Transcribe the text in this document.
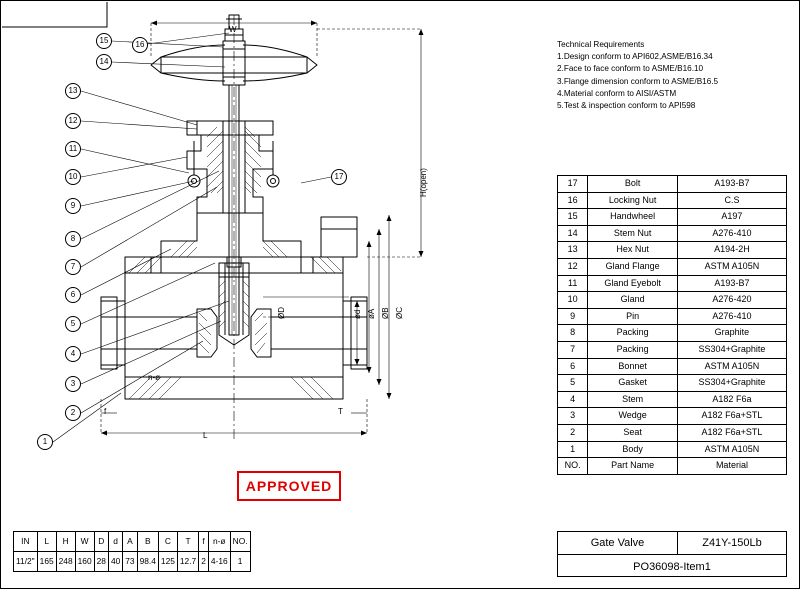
W
H(open)
ØD	ød øA ØB ØC
n-ø
f	T
L
15	16
14
13
12
11
10
9
8
7
6
5
4
3
2
1
17
Technical Requirements
1.Design conform to API602,ASME/B16.34
2.Face to face conform to ASME/B16.10
3.Flange dimension conform to ASME/B16.5
4.Material conform to AISI/ASTM
5.Test & inspection conform to API598
17	Bolt	A193-B7
16	Locking Nut	C.S
15	Handwheel	A197
14	Stem Nut	A276-410
13	Hex Nut	A194-2H
12	Gland Flange	ASTM A105N
11	Gland Eyebolt	A193-B7
10	Gland	A276-420
9	Pin	A276-410
8	Packing	Graphite
7	Packing	SS304+Graphite
6	Bonnet	ASTM A105N
5	Gasket	SS304+Graphite
4	Stem	A182 F6a
3	Wedge	A182 F6a+STL
2	Seat	A182 F6a+STL
1	Body	ASTM A105N
NO.	Part Name	Material
APPROVED
IN	L	H	W	D	d	A	B	C	T	f	n-ø	NO.
11/2"	165	248	160	28	40	73	98.4	125	12.7	2	4-16	1
Gate Valve	Z41Y-150Lb
PO36098-Item1
